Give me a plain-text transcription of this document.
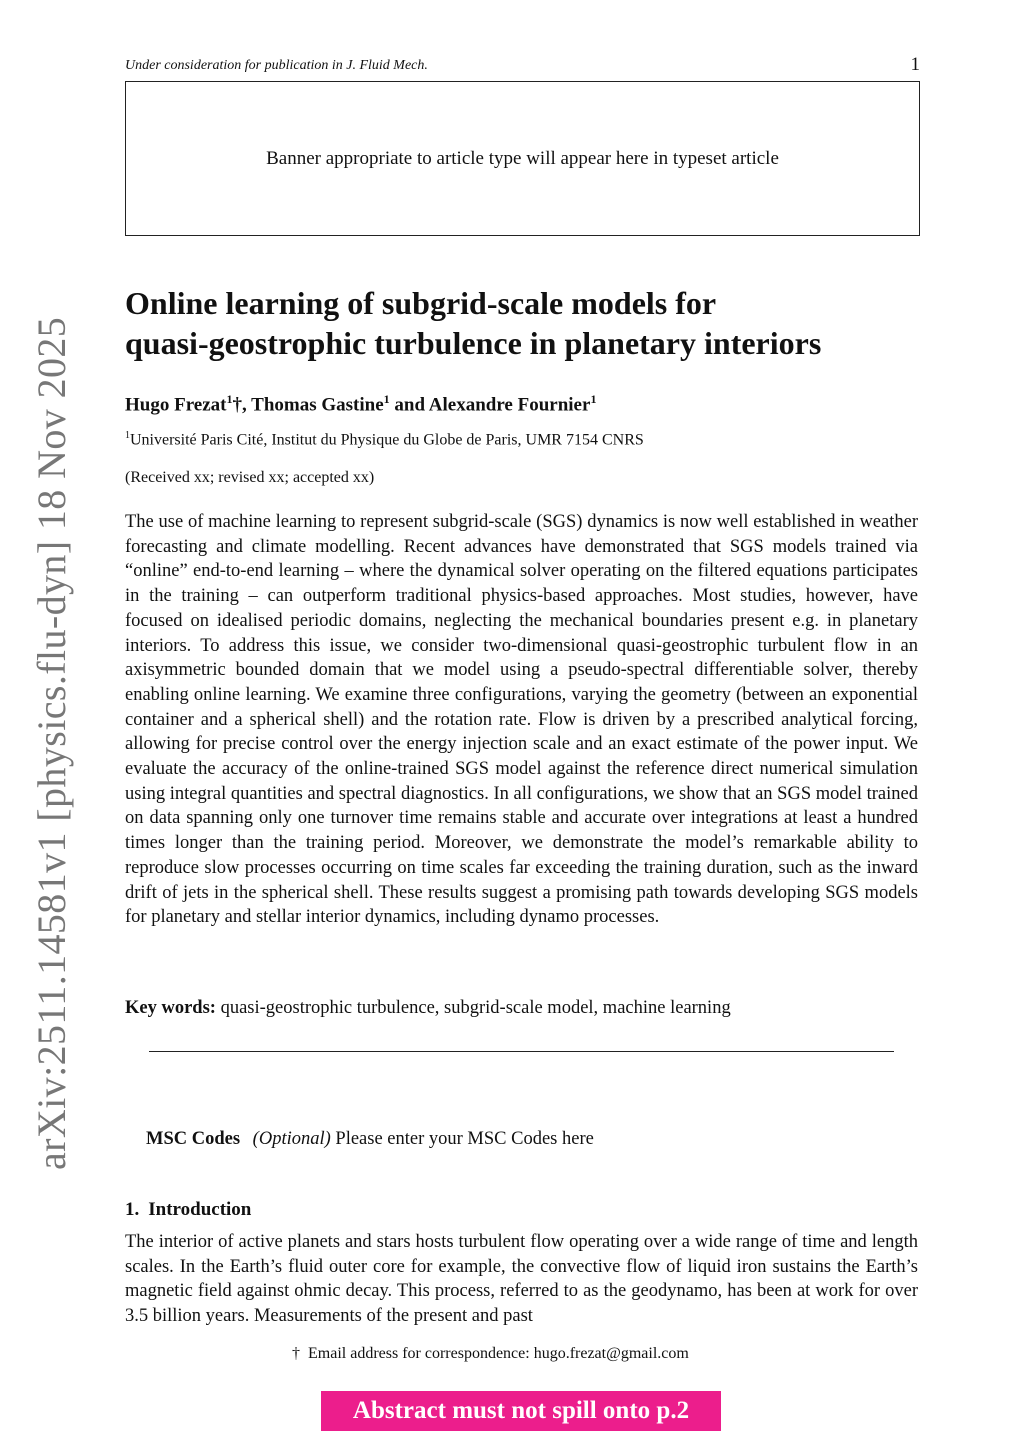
Under consideration for publication in J. Fluid Mech.	1
Banner appropriate to article type will appear here in typeset article
arXiv:2511.14581v1 [physics.flu-dyn] 18 Nov 2025
Online learning of subgrid-scale models for
quasi-geostrophic turbulence in planetary interiors
Hugo Frezat$^1$†, Thomas Gastine$^1$ and Alexandre Fournier$^1$
$^1$Université Paris Cité, Institut du Physique du Globe de Paris, UMR 7154 CNRS
(Received xx; revised xx; accepted xx)

The use of machine learning to represent subgrid-scale (SGS) dynamics is now well established in weather forecasting and climate modelling. Recent advances have demonstrated that SGS models trained via “online” end-to-end learning – where the dynamical solver operating on the filtered equations participates in the training – can outperform traditional physics-based approaches. Most studies, however, have focused on idealised periodic domains, neglecting the mechanical boundaries present e.g. in planetary interiors. To address this issue, we consider two-dimensional quasi-geostrophic turbulent flow in an axisymmetric bounded domain that we model using a pseudo-spectral differentiable solver, thereby enabling online learning. We examine three configurations, varying the geometry (between an exponential container and a spherical shell) and the rotation rate. Flow is driven by a prescribed analytical forcing, allowing for precise control over the energy injection scale and an exact estimate of the power input. We evaluate the accuracy of the online-trained SGS model against the reference direct numerical simulation using integral quantities and spectral diagnostics. In all configurations, we show that an SGS model trained on data spanning only one turnover time remains stable and accurate over integrations at least a hundred times longer than the training period. Moreover, we demonstrate the model’s remarkable ability to reproduce slow processes occurring on time scales far exceeding the training duration, such as the inward drift of jets in the spherical shell. These results suggest a promising path towards developing SGS models for planetary and stellar interior dynamics, including dynamo processes.

Key words: quasi-geostrophic turbulence, subgrid-scale model, machine learning
MSC Codes (Optional) Please enter your MSC Codes here
1. Introduction

The interior of active planets and stars hosts turbulent flow operating over a wide range of time and length scales. In the Earth’s fluid outer core for example, the convective flow of liquid iron sustains the Earth’s magnetic field against ohmic decay. This process, referred to as the geodynamo, has been at work for over 3.5 billion years. Measurements of the present and past

† Email address for correspondence: hugo.frezat@gmail.com
Abstract must not spill onto p.2
